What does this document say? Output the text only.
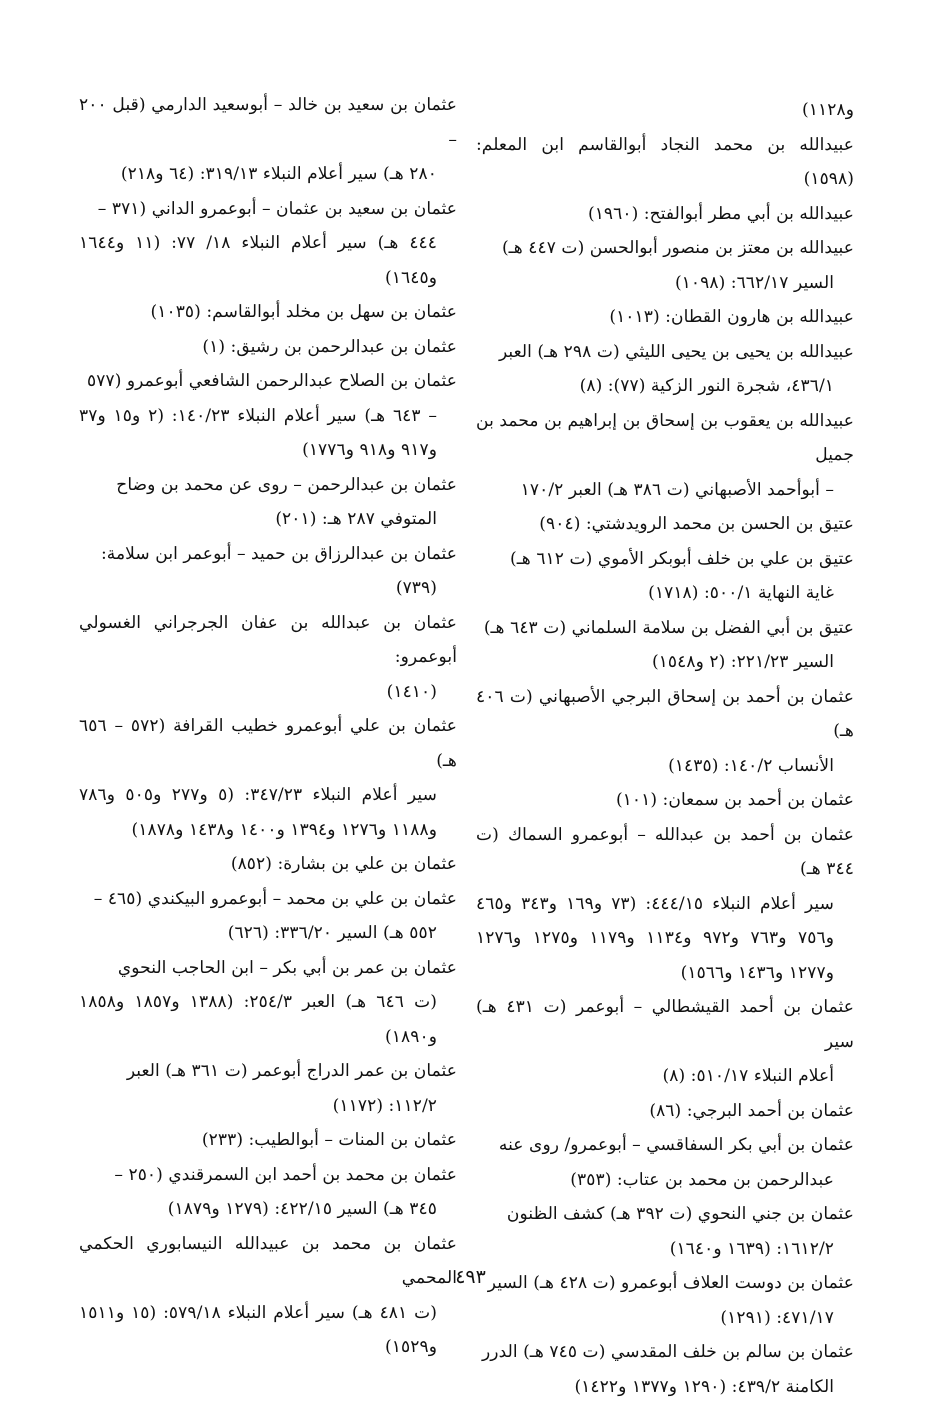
و١١٢٨)
عبيدالله بن محمد النجاد أبوالقاسم ابن المعلم: (١٥٩٨)
عبيدالله بن أبي مطر أبوالفتح: (١٩٦٠)
عبيدالله بن معتز بن منصور أبوالحسن (ت ٤٤٧ هـ)
السير ٦٦٢/١٧: (١٠٩٨)
عبيدالله بن هارون القطان: (١٠١٣)
عبيدالله بن يحيى بن يحيى الليثي (ت ٢٩٨ هـ) العبر
٤٣٦/١، شجرة النور الزكية (٧٧): (٨)
عبيدالله بن يعقوب بن إسحاق بن إبراهيم بن محمد بن جميل
– أبوأحمد الأصبهاني (ت ٣٨٦ هـ) العبر ١٧٠/٢
عتيق بن الحسن بن محمد الرويدشتي: (٩٠٤)
عتيق بن علي بن خلف أبوبكر الأموي (ت ٦١٢ هـ)
غاية النهاية ٥٠٠/١: (١٧١٨)
عتيق بن أبي الفضل بن سلامة السلماني (ت ٦٤٣ هـ)
السير ٢٢١/٢٣: (٢ و١٥٤٨)
عثمان بن أحمد بن إسحاق البرجي الأصبهاني (ت ٤٠٦ هـ)
الأنساب ١٤٠/٢: (١٤٣٥)
عثمان بن أحمد بن سمعان: (١٠١)
عثمان بن أحمد بن عبدالله – أبوعمرو السماك (ت ٣٤٤ هـ)
سير أعلام النبلاء ٤٤٤/١٥: (٧٣ و١٦٩ و٣٤٣ و٤٦٥ و٧٥٦ و٧٦٣ و٩٧٢ و١١٣٤ و١١٧٩ و١٢٧٥ و١٢٧٦ و١٢٧٧ و١٤٣٦ و١٥٦٦)
عثمان بن أحمد القيشطالي – أبوعمر (ت ٤٣١ هـ) سير
أعلام النبلاء ٥١٠/١٧: (٨)
عثمان بن أحمد البرجي: (٨٦)
عثمان بن أبي بكر السفاقسي – أبوعمرو/ روى عنه
عبدالرحمن بن محمد بن عتاب: (٣٥٣)
عثمان بن جني النحوي (ت ٣٩٢ هـ) كشف الظنون
١٦١٢/٢: (١٦٣٩ و١٦٤٠)
عثمان بن دوست العلاف أبوعمرو (ت ٤٢٨ هـ) السير
٤٧١/١٧: (١٢٩١)
عثمان بن سالم بن خلف المقدسي (ت ٧٤٥ هـ) الدرر
الكامنة ٤٣٩/٢: (١٢٩٠ و١٣٧٧ و١٤٢٢)
عثمان بن سعيد بن خالد – أبوسعيد الدارمي (قبل ٢٠٠ –
٢٨٠ هـ) سير أعلام النبلاء ٣١٩/١٣: (٦٤ و٢١٨)
عثمان بن سعيد بن عثمان – أبوعمرو الداني (٣٧١ –
٤٤٤ هـ) سير أعلام النبلاء ١٨/ ٧٧: (١١ و١٦٤٤ و١٦٤٥)
عثمان بن سهل بن مخلد أبوالقاسم: (١٠٣٥)
عثمان بن عبدالرحمن بن رشيق: (١)
عثمان بن الصلاح عبدالرحمن الشافعي أبوعمرو (٥٧٧
– ٦٤٣ هـ) سير أعلام النبلاء ١٤٠/٢٣: (٢ و١٥ و٣٧ و٩١٧ و٩١٨ و١٧٧٦)
عثمان بن عبدالرحمن – روى عن محمد بن وضاح
المتوفي ٢٨٧ هـ: (٢٠١)
عثمان بن عبدالرزاق بن حميد – أبوعمر ابن سلامة:
(٧٣٩)
عثمان بن عبدالله بن عفان الجرجراني الغسولي أبوعمرو:
(١٤١٠)
عثمان بن علي أبوعمرو خطيب القرافة (٥٧٢ – ٦٥٦ هـ)
سير أعلام النبلاء ٣٤٧/٢٣: (٥ و٢٧٧ و٥٠٥ و٧٨٦ و١١٨٨ و١٢٧٦ و١٣٩٤ و١٤٠٠ و١٤٣٨ و١٨٧٨)
عثمان بن علي بن بشارة: (٨٥٢)
عثمان بن علي بن محمد – أبوعمرو البيكندي (٤٦٥ –
٥٥٢ هـ) السير ٣٣٦/٢٠: (٦٢٦)
عثمان بن عمر بن أبي بكر – ابن الحاجب النحوي
(ت ٦٤٦ هـ) العبر ٢٥٤/٣: (١٣٨٨ و١٨٥٧ و١٨٥٨ و١٨٩٠)
عثمان بن عمر الدراج أبوعمر (ت ٣٦١ هـ) العبر
١١٢/٢: (١١٧٢)
عثمان بن المنات – أبوالطيب: (٢٣٣)
عثمان بن محمد بن أحمد ابن السمرقندي (٢٥٠ –
٣٤٥ هـ) السير ٤٢٢/١٥: (١٢٧٩ و١٨٧٩)
عثمان بن محمد بن عبيدالله النيسابوري الحكمي المحمي
(ت ٤٨١ هـ) سير أعلام النبلاء ٥٧٩/١٨: (١٥ و١٥١١ و١٥٢٩)
٤٩٣
